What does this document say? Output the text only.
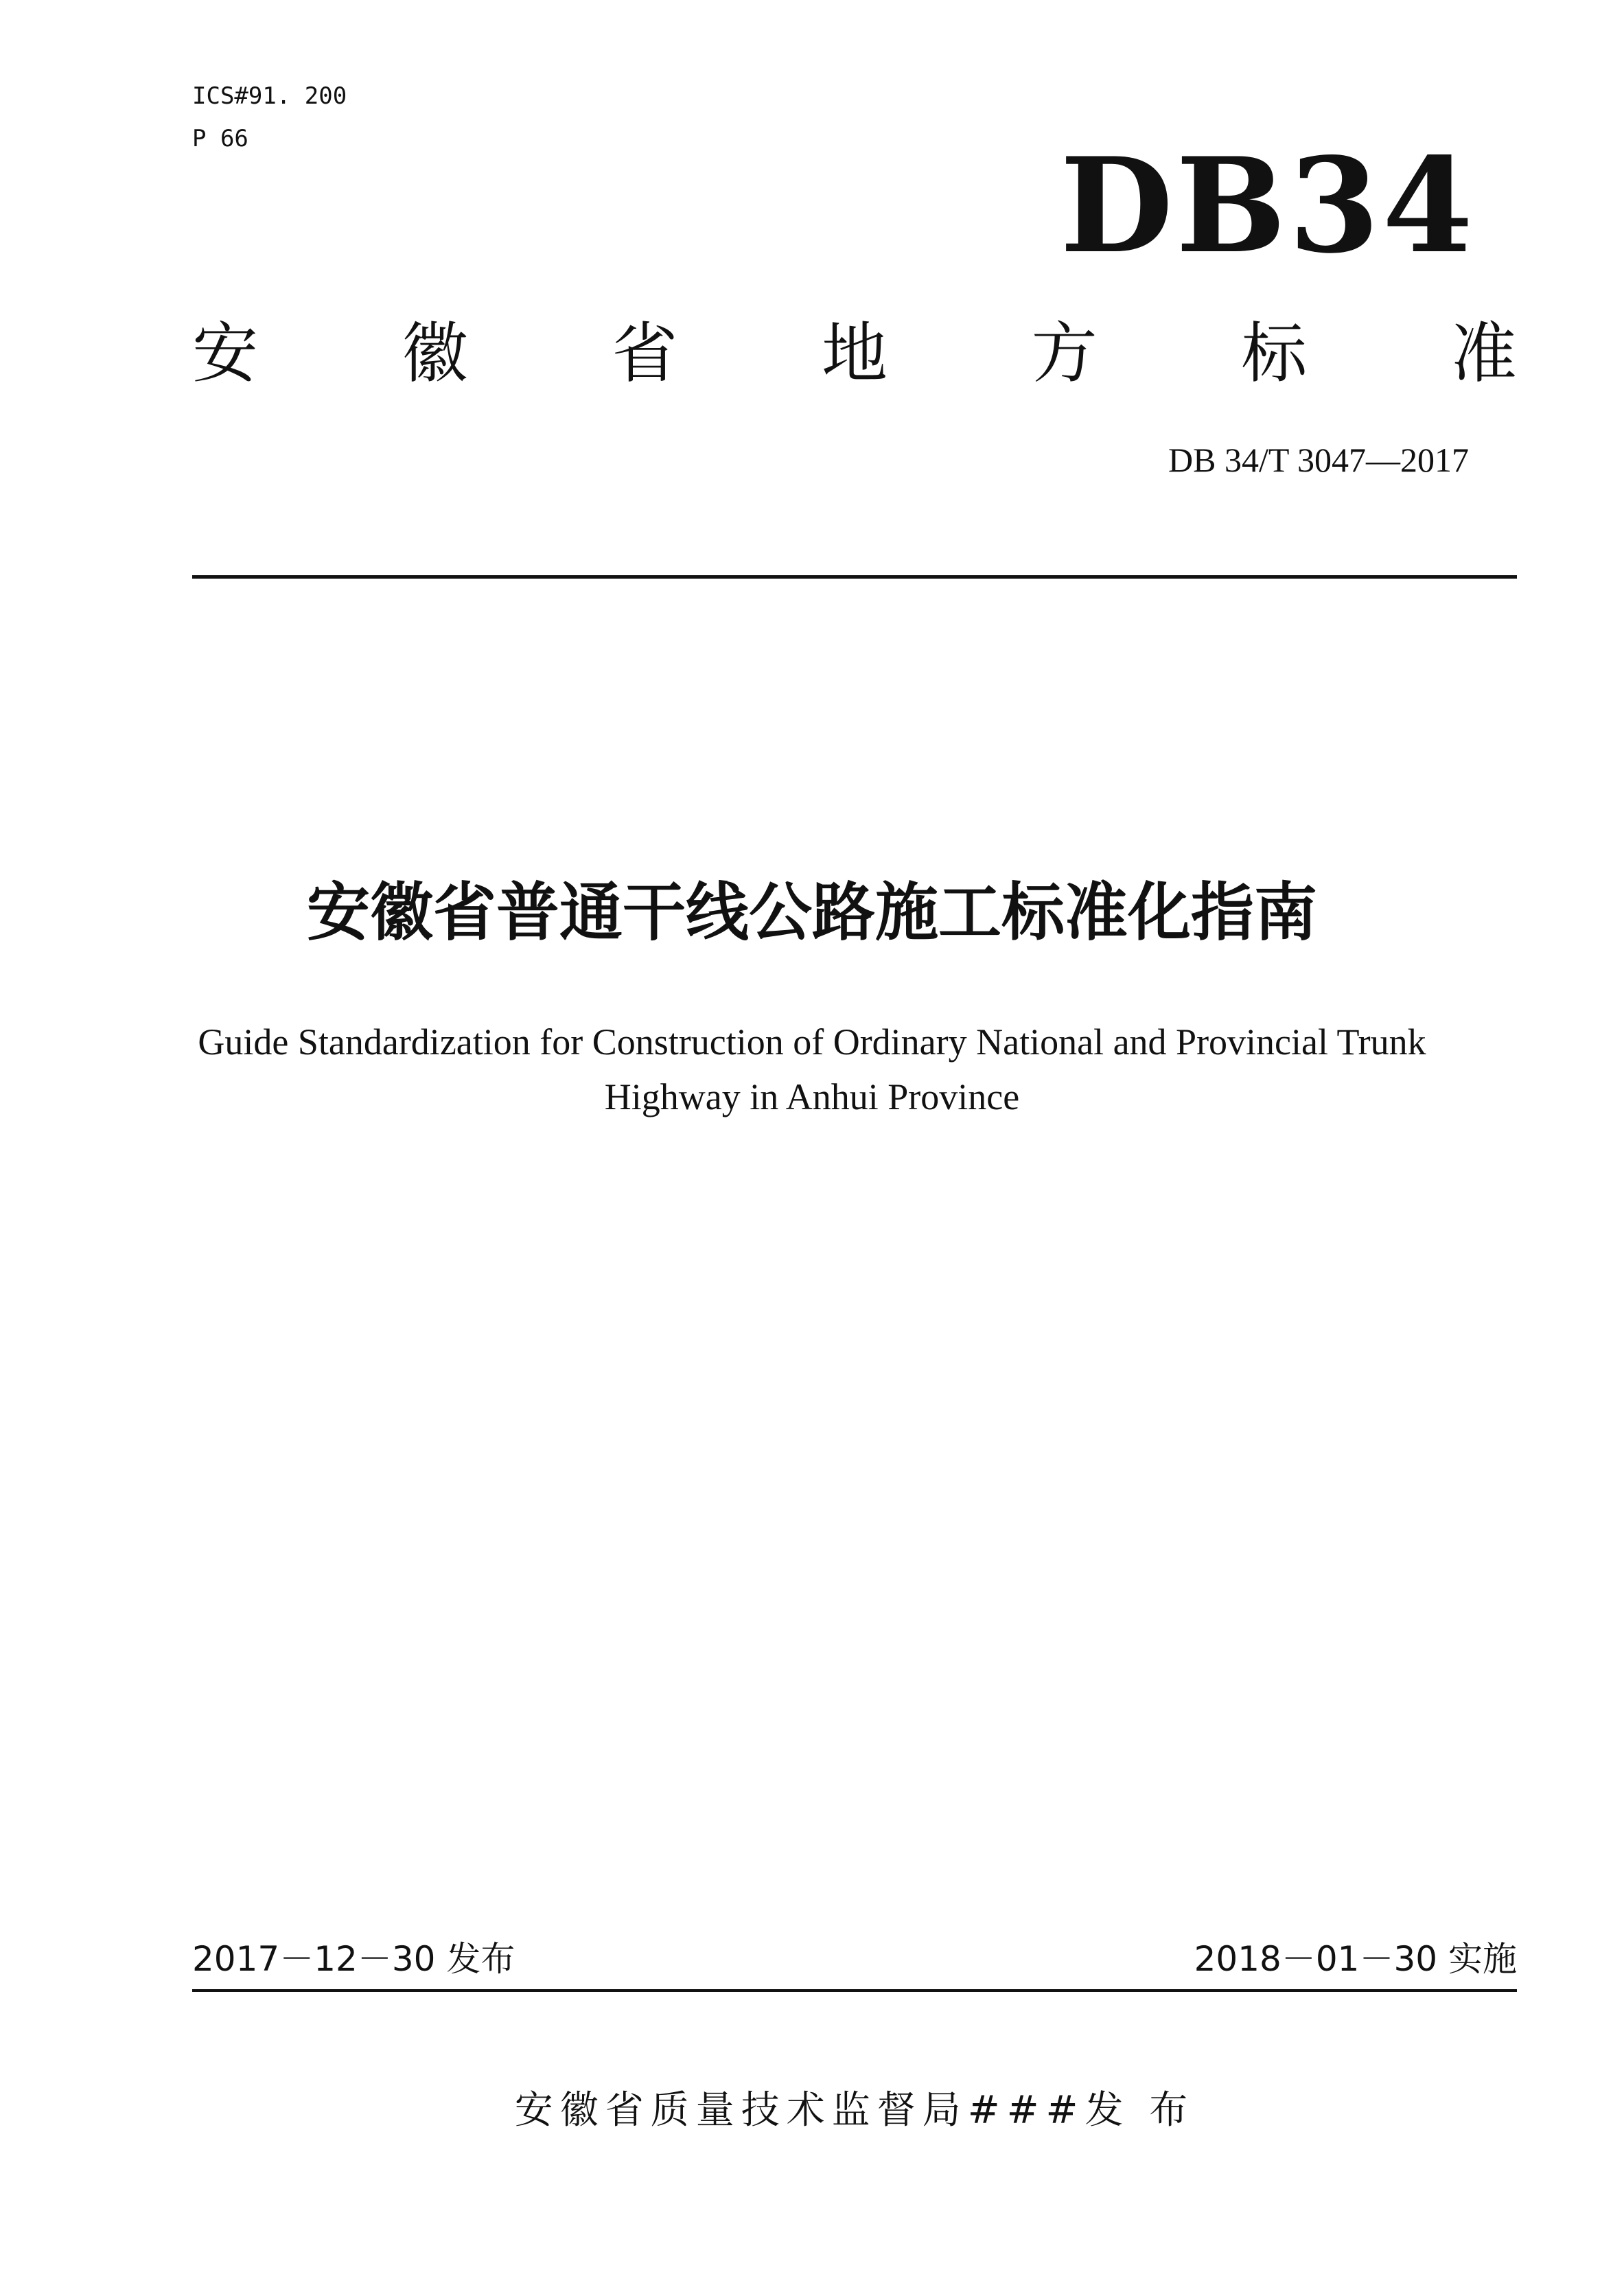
ICS#91. 200
P 66	DB34
安 徽 省 地 方 标 准
DB 34/T 3047—2017
安徽省普通干线公路施工标准化指南
Guide Standardization for Construction of Ordinary National and Provincial Trunk
Highway in Anhui Province
2017－12－30 发布	2018－01－30 实施
安徽省质量技术监督局###发 布
